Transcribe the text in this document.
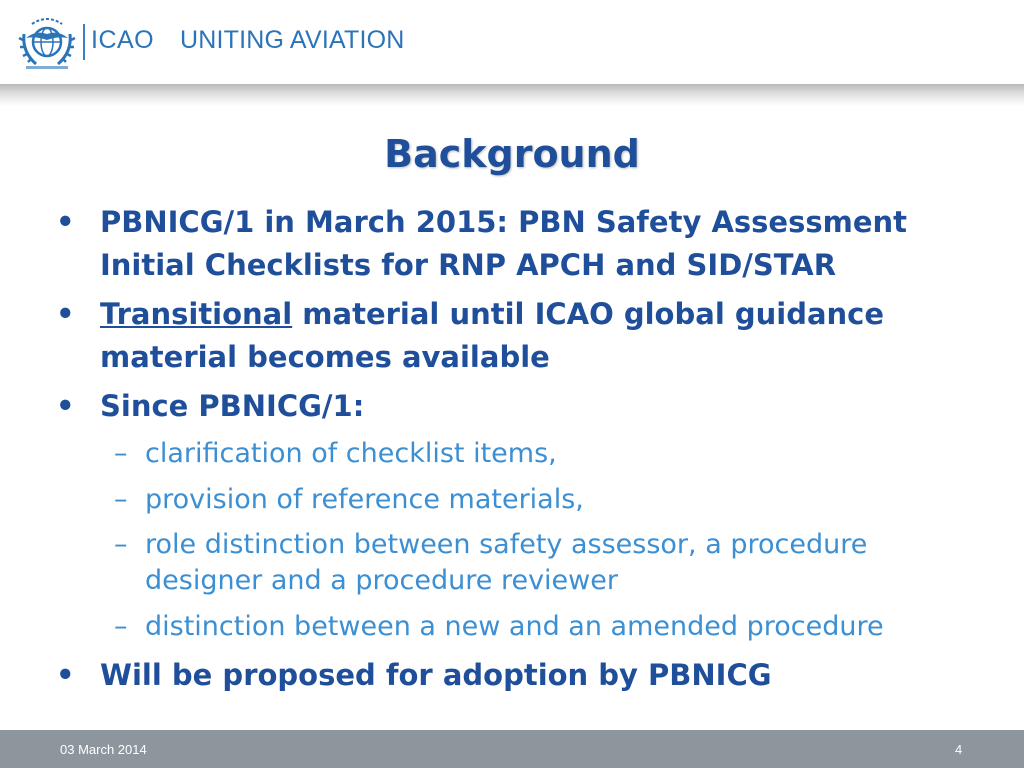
ICAO UNITING AVIATION
Background
• PBNICG/1 in March 2015: PBN Safety Assessment
Initial Checklists for RNP APCH and SID/STAR
• Transitional material until ICAO global guidance
material becomes available
• Since PBNICG/1:
– clarification of checklist items,
– provision of reference materials,
– role distinction between safety assessor, a procedure
designer and a procedure reviewer
– distinction between a new and an amended procedure
• Will be proposed for adoption by PBNICG
03 March 2014	4
